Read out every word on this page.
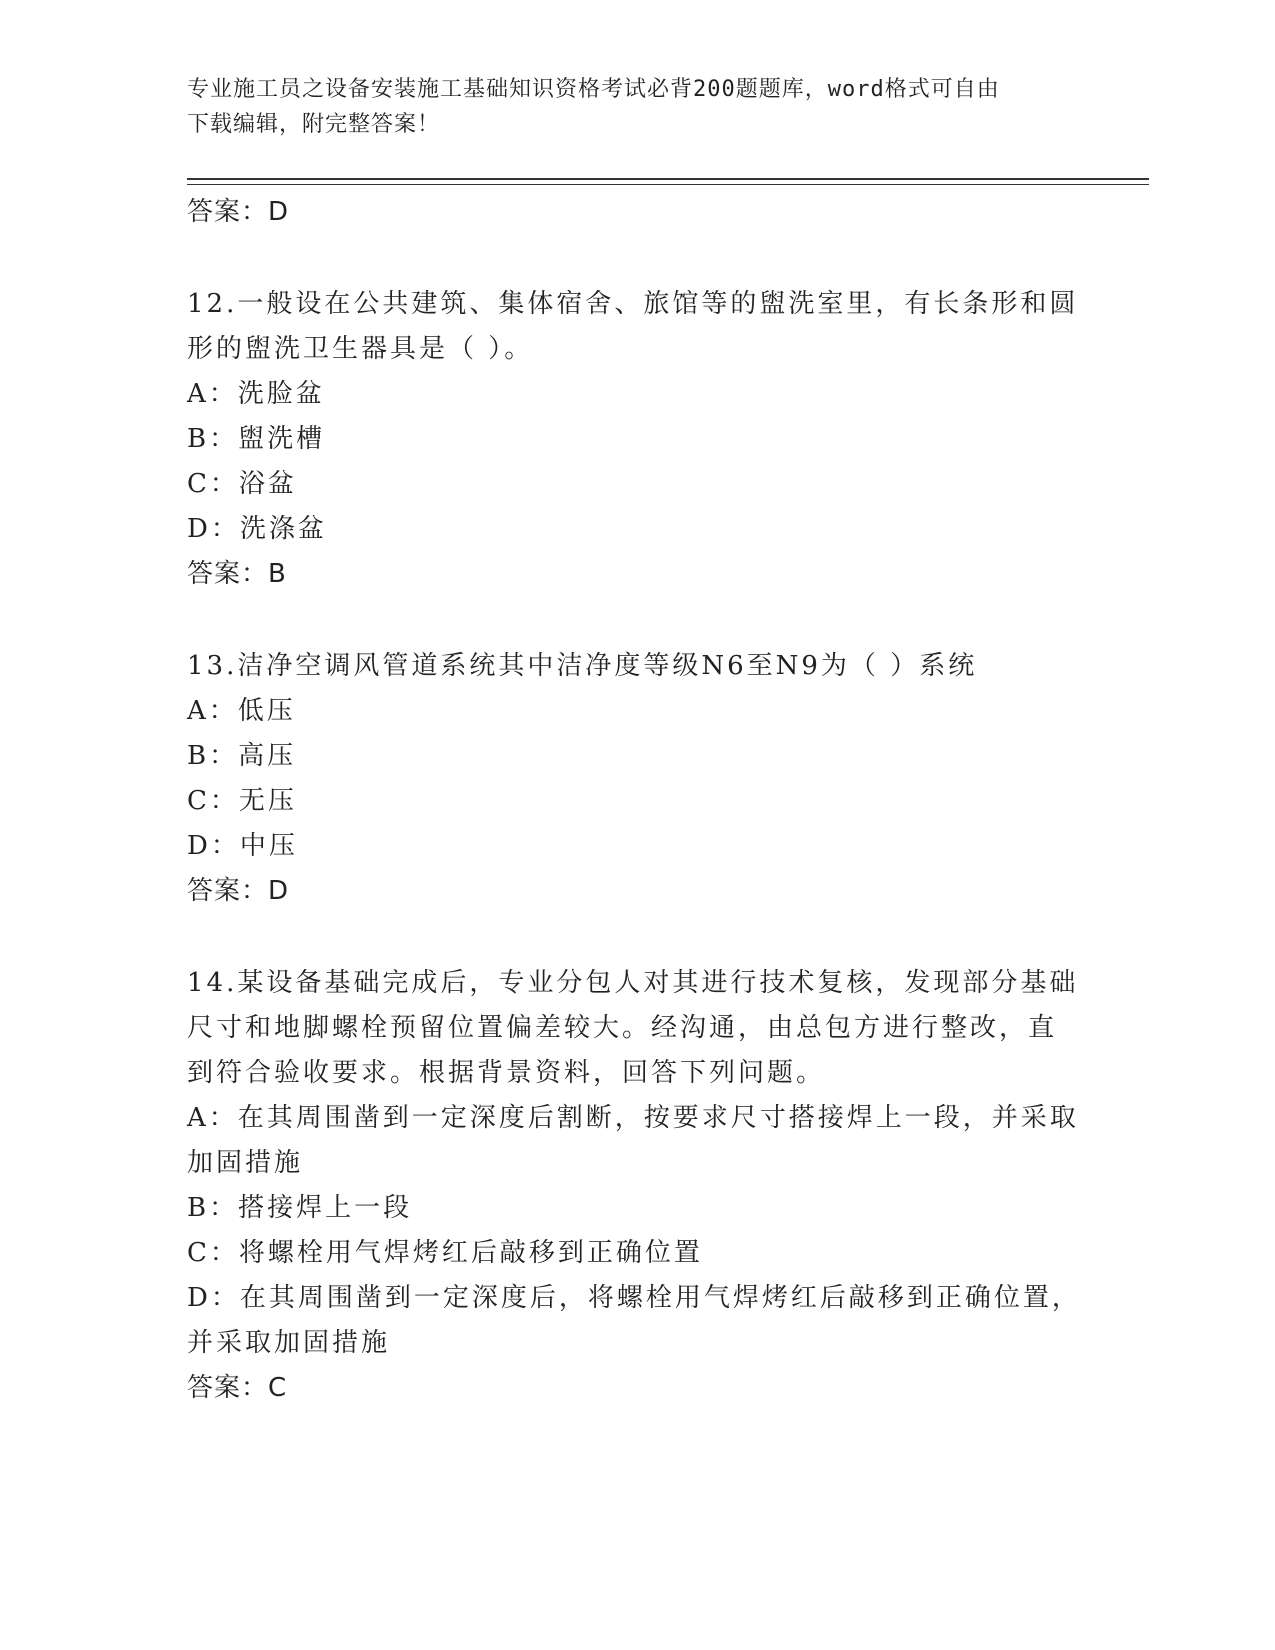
专业施工员之设备安装施工基础知识资格考试必背200题题库，word格式可自由
下载编辑，附完整答案！
答案：D
12.一般设在公共建筑、集体宿舍、旅馆等的盥洗室里，有长条形和圆
形的盥洗卫生器具是（ ）。
A：洗脸盆
B：盥洗槽
C：浴盆
D：洗涤盆
答案：B
13.洁净空调风管道系统其中洁净度等级N6至N9为（ ）系统
A：低压
B：高压
C：无压
D：中压
答案：D
14.某设备基础完成后，专业分包人对其进行技术复核，发现部分基础
尺寸和地脚螺栓预留位置偏差较大。经沟通，由总包方进行整改，直
到符合验收要求。根据背景资料，回答下列问题。
A：在其周围凿到一定深度后割断，按要求尺寸搭接焊上一段，并采取
加固措施
B：搭接焊上一段
C：将螺栓用气焊烤红后敲移到正确位置
D：在其周围凿到一定深度后，将螺栓用气焊烤红后敲移到正确位置，
并采取加固措施
答案：C
